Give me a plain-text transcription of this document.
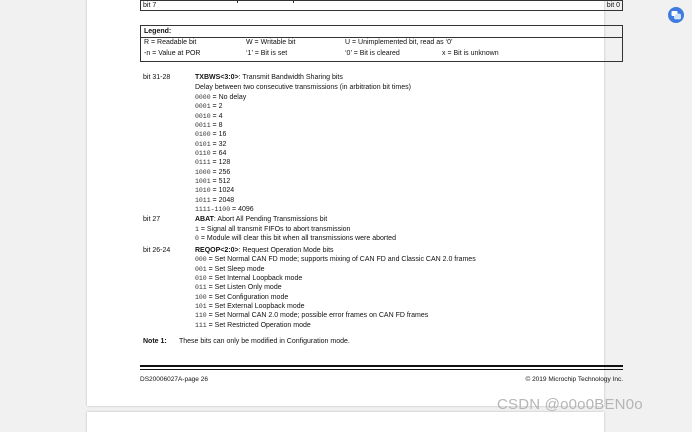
bit 7	bit 0
Legend:
R = Readable bit	W = Writable bit	U = Unimplemented bit, read as ‘0’
-n = Value at POR	‘1’ = Bit is set	‘0’ = Bit is cleared	x = Bit is unknown
bit 31-28	TXBWS<3:0>: Transmit Bandwidth Sharing bits
Delay between two consecutive transmissions (in arbitration bit times)
0000 = No delay
0001 = 2
0010 = 4
0011 = 8
0100 = 16
0101 = 32
0110 = 64
0111 = 128
1000 = 256
1001 = 512
1010 = 1024
1011 = 2048
1111-1100 = 4096
bit 27	ABAT: Abort All Pending Transmissions bit
1 = Signal all transmit FIFOs to abort transmission
0 = Module will clear this bit when all transmissions were aborted
bit 26-24	REQOP<2:0>: Request Operation Mode bits
000 = Set Normal CAN FD mode; supports mixing of CAN FD and Classic CAN 2.0 frames
001 = Set Sleep mode
010 = Set Internal Loopback mode
011 = Set Listen Only mode
100 = Set Configuration mode
101 = Set External Loopback mode
110 = Set Normal CAN 2.0 mode; possible error frames on CAN FD frames
111 = Set Restricted Operation mode
Note 1: These bits can only be modified in Configuration mode.
DS20006027A-page 26	© 2019 Microchip Technology Inc.
CSDN @o0o0BEN0o
